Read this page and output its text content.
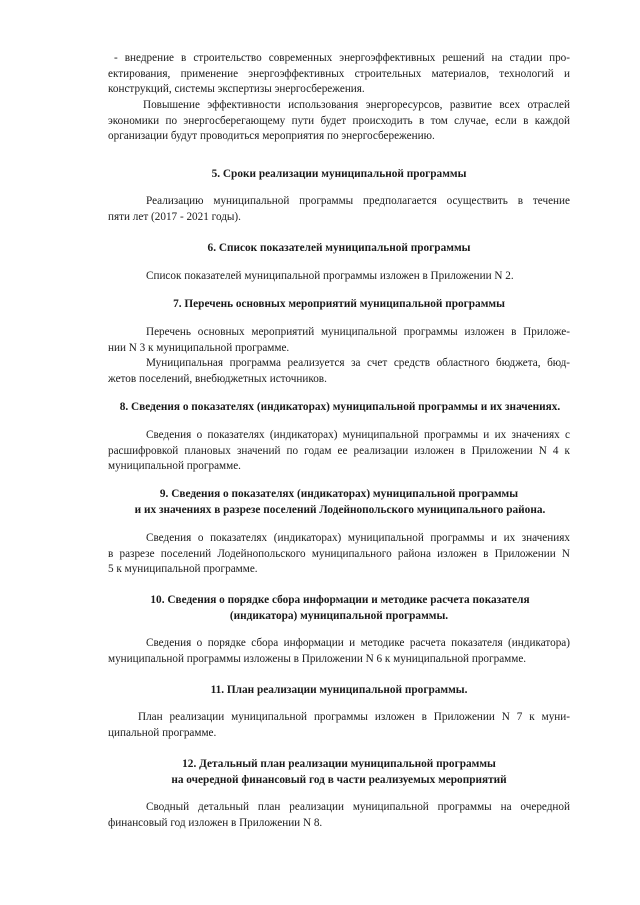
- внедрение в строительство современных энергоэффективных решений на стадии про-
ектирования, применение энергоэффективных строительных материалов, технологий и
конструкций, системы экспертизы энергосбережения.
Повышение эффективности использования энергоресурсов, развитие всех отраслей
экономики по энергосберегающему пути будет происходить в том случае, если в каждой
организации будут проводиться мероприятия по энергосбережению.

5. Сроки реализации муниципальной программы

Реализацию муниципальной программы предполагается осуществить в течение
пяти лет (2017 - 2021 годы).

6. Список показателей муниципальной программы

Список показателей муниципальной программы изложен в Приложении N 2.

7. Перечень основных мероприятий муниципальной программы

Перечень основных мероприятий муниципальной программы изложен в Приложе-
нии N 3 к муниципальной программе.
Муниципальная программа реализуется за счет средств областного бюджета, бюд-
жетов поселений, внебюджетных источников.

8. Сведения о показателях (индикаторах) муниципальной программы и их значениях.

Сведения о показателях (индикаторах) муниципальной программы и их значениях с
расшифровкой плановых значений по годам ее реализации изложен в Приложении N 4 к
муниципальной программе.

9. Сведения о показателях (индикаторах) муниципальной программы

и их значениях в разрезе поселений Лодейнопольского муниципального района.

Сведения о показателях (индикаторах) муниципальной программы и их значениях
в разрезе поселений Лодейнопольского муниципального района изложен в Приложении N
5 к муниципальной программе.

10. Сведения о порядке сбора информации и методике расчета показателя

(индикатора) муниципальной программы.

Сведения о порядке сбора информации и методике расчета показателя (индикатора)
муниципальной программы изложены в Приложении N 6 к муниципальной программе.

11. План реализации муниципальной программы.

План реализации муниципальной программы изложен в Приложении N 7 к муни-
ципальной программе.

12. Детальный план реализации муниципальной программы

на очередной финансовый год в части реализуемых мероприятий

Сводный детальный план реализации муниципальной программы на очередной
финансовый год изложен в Приложении N 8.
